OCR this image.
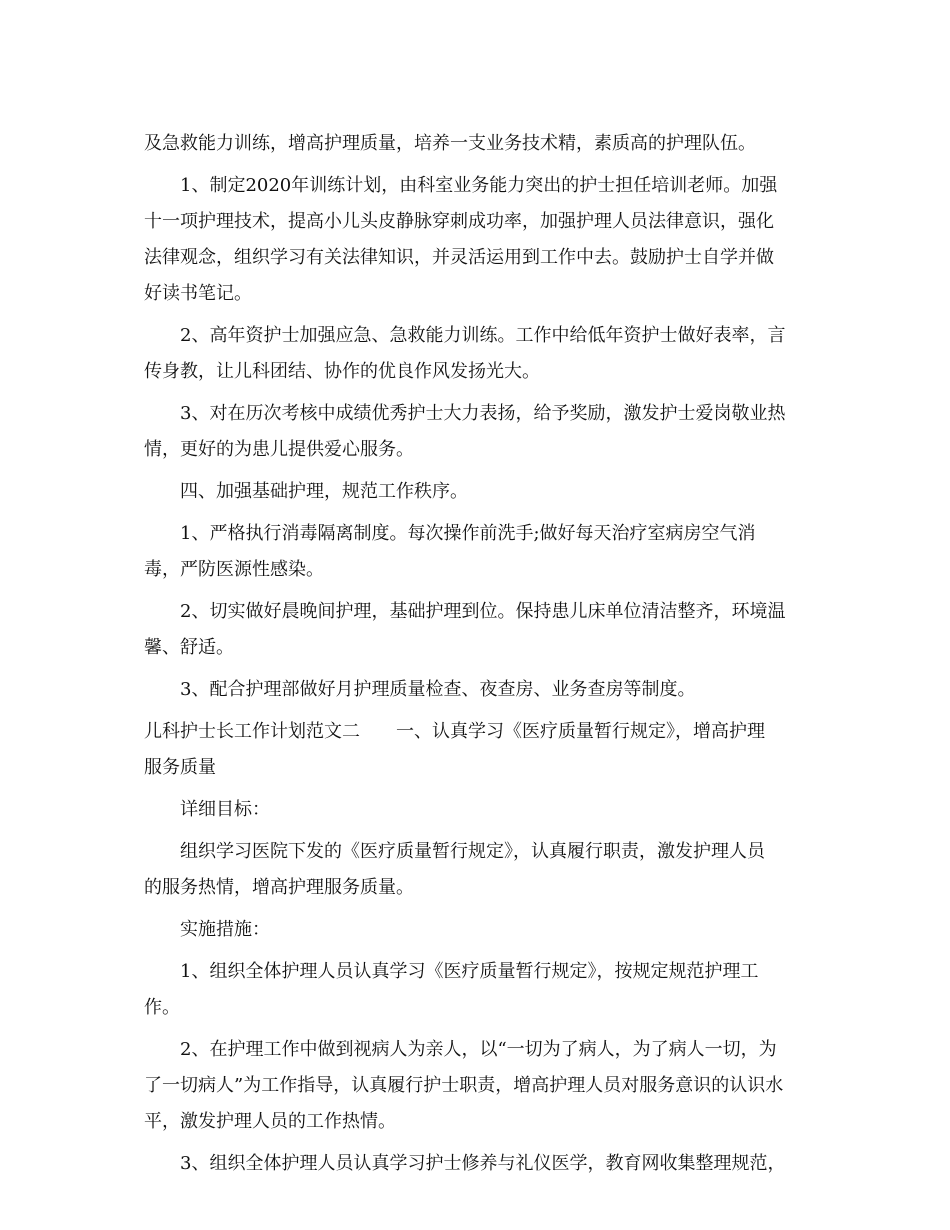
及急救能力训练，增高护理质量，培养一支业务技术精，素质高的护理队伍。
1、制定2020年训练计划，由科室业务能力突出的护士担任培训老师。加强
十一项护理技术，提高小儿头皮静脉穿刺成功率，加强护理人员法律意识，强化
法律观念，组织学习有关法律知识，并灵活运用到工作中去。鼓励护士自学并做
好读书笔记。
2、高年资护士加强应急、急救能力训练。工作中给低年资护士做好表率，言
传身教，让儿科团结、协作的优良作风发扬光大。
3、对在历次考核中成绩优秀护士大力表扬，给予奖励，激发护士爱岗敬业热
情，更好的为患儿提供爱心服务。
四、加强基础护理，规范工作秩序。
1、严格执行消毒隔离制度。每次操作前洗手;做好每天治疗室病房空气消
毒，严防医源性感染。
2、切实做好晨晚间护理，基础护理到位。保持患儿床单位清洁整齐，环境温
馨、舒适。
3、配合护理部做好月护理质量检查、夜查房、业务查房等制度。
儿科护士长工作计划范文二　　一、认真学习《医疗质量暂行规定》，增高护理
服务质量
详细目标：
组织学习医院下发的《医疗质量暂行规定》，认真履行职责，激发护理人员
的服务热情，增高护理服务质量。
实施措施：
1、组织全体护理人员认真学习《医疗质量暂行规定》，按规定规范护理工
作。
2、在护理工作中做到视病人为亲人，以“一切为了病人，为了病人一切，为
了一切病人”为工作指导，认真履行护士职责，增高护理人员对服务意识的认识水
平，激发护理人员的工作热情。
3、组织全体护理人员认真学习护士修养与礼仪医学，教育网收集整理规范，
